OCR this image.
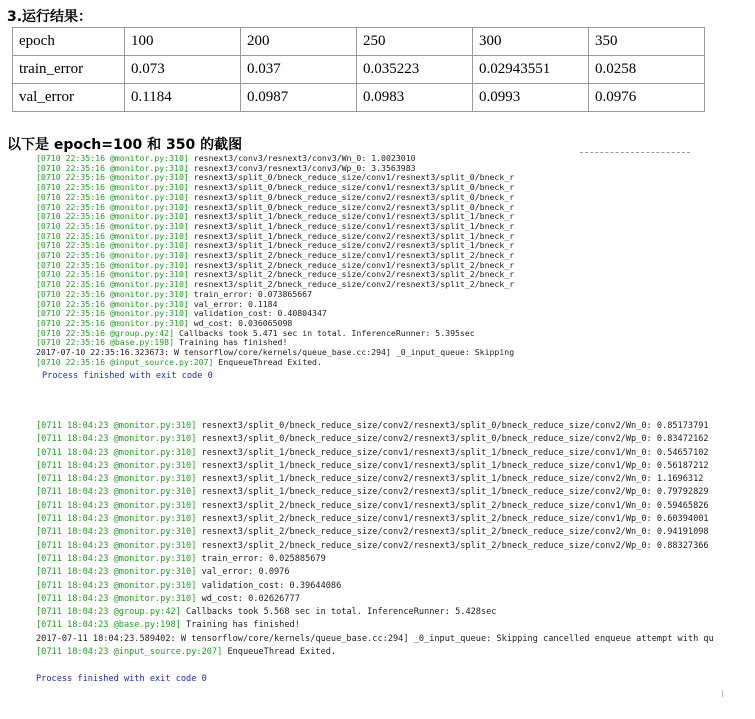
3.运行结果：
epoch	100	200	250	300	350
train_error	0.073	0.037	0.035223	0.02943551	0.0258
val_error	0.1184	0.0987	0.0983	0.0993	0.0976
以下是 epoch=100 和 350 的截图
[0710 22:35:16 @monitor.py:310] resnext3/conv3/resnext3/conv3/Wn_0: 1.0023010
[0710 22:35:16 @monitor.py:310] resnext3/conv3/resnext3/conv3/Wp_0: 3.3563983
[0710 22:35:16 @monitor.py:310] resnext3/split_0/bneck_reduce_size/conv1/resnext3/split_0/bneck_r
[0710 22:35:16 @monitor.py:310] resnext3/split_0/bneck_reduce_size/conv1/resnext3/split_0/bneck_r
[0710 22:35:16 @monitor.py:310] resnext3/split_0/bneck_reduce_size/conv2/resnext3/split_0/bneck_r
[0710 22:35:16 @monitor.py:310] resnext3/split_0/bneck_reduce_size/conv2/resnext3/split_0/bneck_r
[0710 22:35:16 @monitor.py:310] resnext3/split_1/bneck_reduce_size/conv1/resnext3/split_1/bneck_r
[0710 22:35:16 @monitor.py:310] resnext3/split_1/bneck_reduce_size/conv1/resnext3/split_1/bneck_r
[0710 22:35:16 @monitor.py:310] resnext3/split_1/bneck_reduce_size/conv2/resnext3/split_1/bneck_r
[0710 22:35:16 @monitor.py:310] resnext3/split_1/bneck_reduce_size/conv2/resnext3/split_1/bneck_r
[0710 22:35:16 @monitor.py:310] resnext3/split_2/bneck_reduce_size/conv1/resnext3/split_2/bneck_r
[0710 22:35:16 @monitor.py:310] resnext3/split_2/bneck_reduce_size/conv1/resnext3/split_2/bneck_r
[0710 22:35:16 @monitor.py:310] resnext3/split_2/bneck_reduce_size/conv2/resnext3/split_2/bneck_r
[0710 22:35:16 @monitor.py:310] resnext3/split_2/bneck_reduce_size/conv2/resnext3/split_2/bneck_r
[0710 22:35:16 @monitor.py:310] train_error: 0.073865667
[0710 22:35:16 @monitor.py:310] val_error: 0.1184
[0710 22:35:16 @monitor.py:310] validation_cost: 0.40804347
[0710 22:35:16 @monitor.py:310] wd_cost: 0.036065098
[0710 22:35:16 @group.py:42] Callbacks took 5.471 sec in total. InferenceRunner: 5.395sec
[0710 22:35:16 @base.py:198] Training has finished!
2017-07-10 22:35:16.323673: W tensorflow/core/kernels/queue_base.cc:294] _0_input_queue: Skipping
[0710 22:35:16 @input_source.py:207] EnqueueThread Exited.
Process finished with exit code 0
[0711 18:04:23 @monitor.py:310] resnext3/split_0/bneck_reduce_size/conv2/resnext3/split_0/bneck_reduce_size/conv2/Wn_0: 0.85173791
[0711 18:04:23 @monitor.py:310] resnext3/split_0/bneck_reduce_size/conv2/resnext3/split_0/bneck_reduce_size/conv2/Wp_0: 0.83472162
[0711 18:04:23 @monitor.py:310] resnext3/split_1/bneck_reduce_size/conv1/resnext3/split_1/bneck_reduce_size/conv1/Wn_0: 0.54657102
[0711 18:04:23 @monitor.py:310] resnext3/split_1/bneck_reduce_size/conv1/resnext3/split_1/bneck_reduce_size/conv1/Wp_0: 0.56187212
[0711 18:04:23 @monitor.py:310] resnext3/split_1/bneck_reduce_size/conv2/resnext3/split_1/bneck_reduce_size/conv2/Wn_0: 1.1696312
[0711 18:04:23 @monitor.py:310] resnext3/split_1/bneck_reduce_size/conv2/resnext3/split_1/bneck_reduce_size/conv2/Wp_0: 0.79792829
[0711 18:04:23 @monitor.py:310] resnext3/split_2/bneck_reduce_size/conv1/resnext3/split_2/bneck_reduce_size/conv1/Wn_0: 0.59465826
[0711 18:04:23 @monitor.py:310] resnext3/split_2/bneck_reduce_size/conv1/resnext3/split_2/bneck_reduce_size/conv1/Wp_0: 0.60394001
[0711 18:04:23 @monitor.py:310] resnext3/split_2/bneck_reduce_size/conv2/resnext3/split_2/bneck_reduce_size/conv2/Wn_0: 0.94191098
[0711 18:04:23 @monitor.py:310] resnext3/split_2/bneck_reduce_size/conv2/resnext3/split_2/bneck_reduce_size/conv2/Wp_0: 0.88327366
[0711 18:04:23 @monitor.py:310] train_error: 0.025885679
[0711 18:04:23 @monitor.py:310] val_error: 0.0976
[0711 18:04:23 @monitor.py:310] validation_cost: 0.39644086
[0711 18:04:23 @monitor.py:310] wd_cost: 0.02626777
[0711 18:04:23 @group.py:42] Callbacks took 5.568 sec in total. InferenceRunner: 5.428sec
[0711 18:04:23 @base.py:198] Training has finished!
2017-07-11 18:04:23.589402: W tensorflow/core/kernels/queue_base.cc:294] _0_input_queue: Skipping cancelled enqueue attempt with qu
[0711 18:04:23 @input_source.py:207] EnqueueThread Exited.
Process finished with exit code 0
